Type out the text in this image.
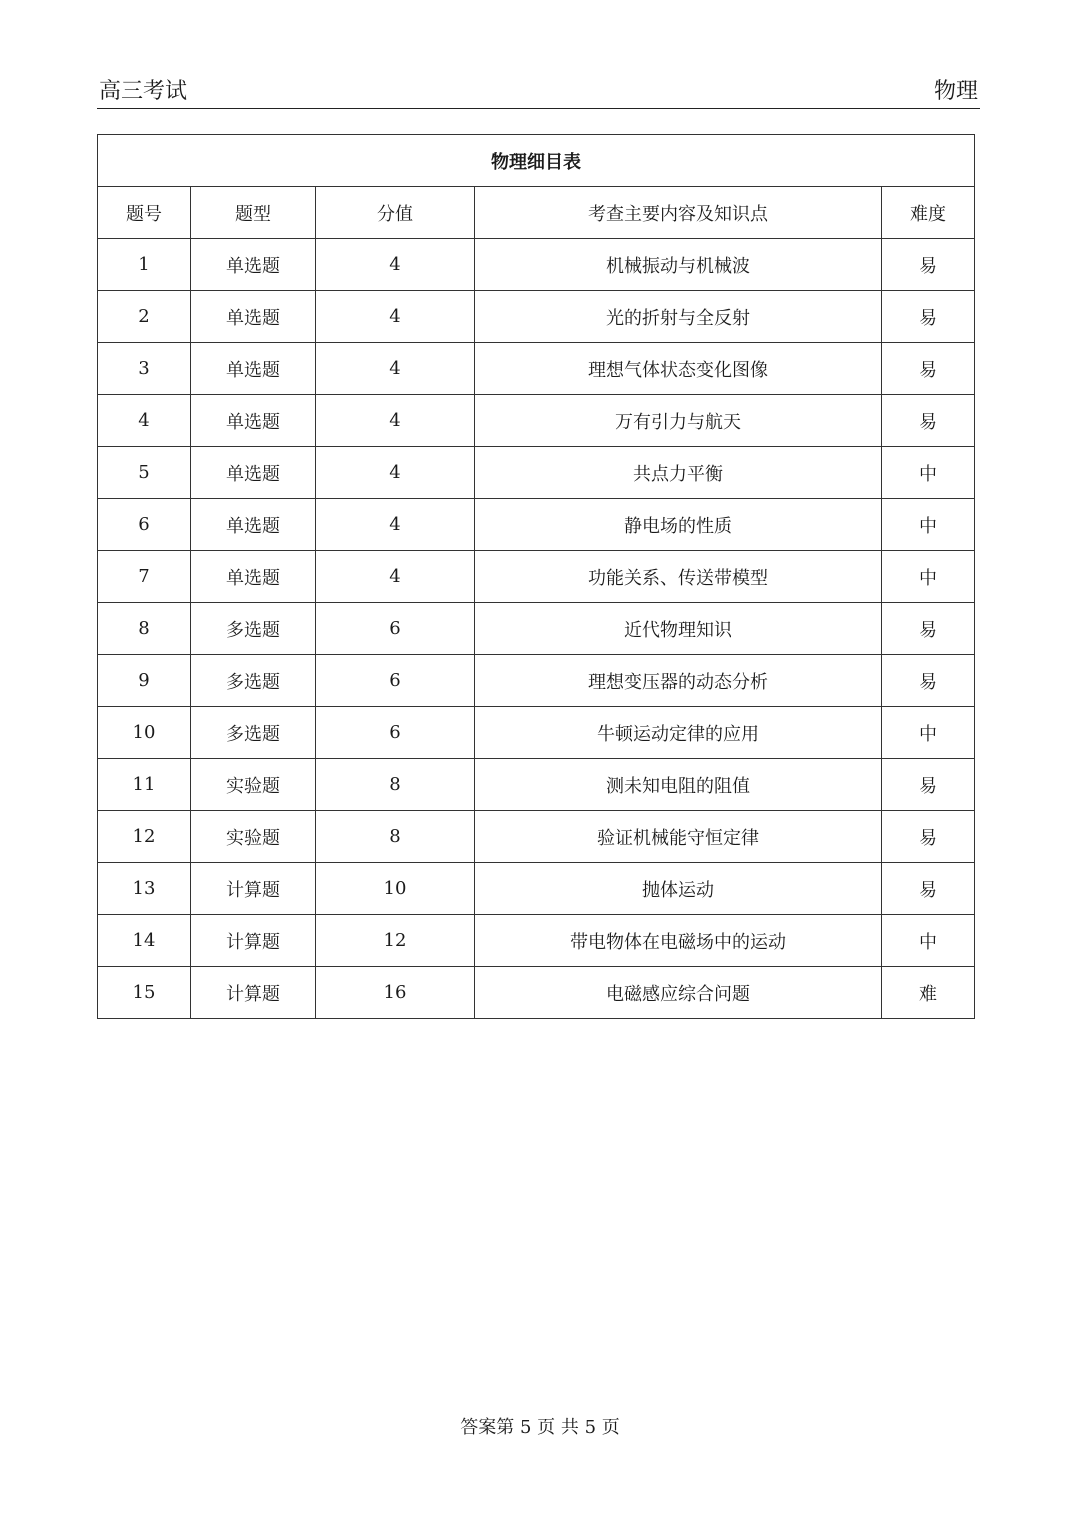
高三考试	物理
物理细目表				
题号	题型	分值	考查主要内容及知识点	难度
1	单选题	4	机械振动与机械波	易
2	单选题	4	光的折射与全反射	易
3	单选题	4	理想气体状态变化图像	易
4	单选题	4	万有引力与航天	易
5	单选题	4	共点力平衡	中
6	单选题	4	静电场的性质	中
7	单选题	4	功能关系、传送带模型	中
8	多选题	6	近代物理知识	易
9	多选题	6	理想变压器的动态分析	易
10	多选题	6	牛顿运动定律的应用	中
11	实验题	8	测未知电阻的阻值	易
12	实验题	8	验证机械能守恒定律	易
13	计算题	10	抛体运动	易
14	计算题	12	带电物体在电磁场中的运动	中
15	计算题	16	电磁感应综合问题	难
答案第 5 页 共 5 页
